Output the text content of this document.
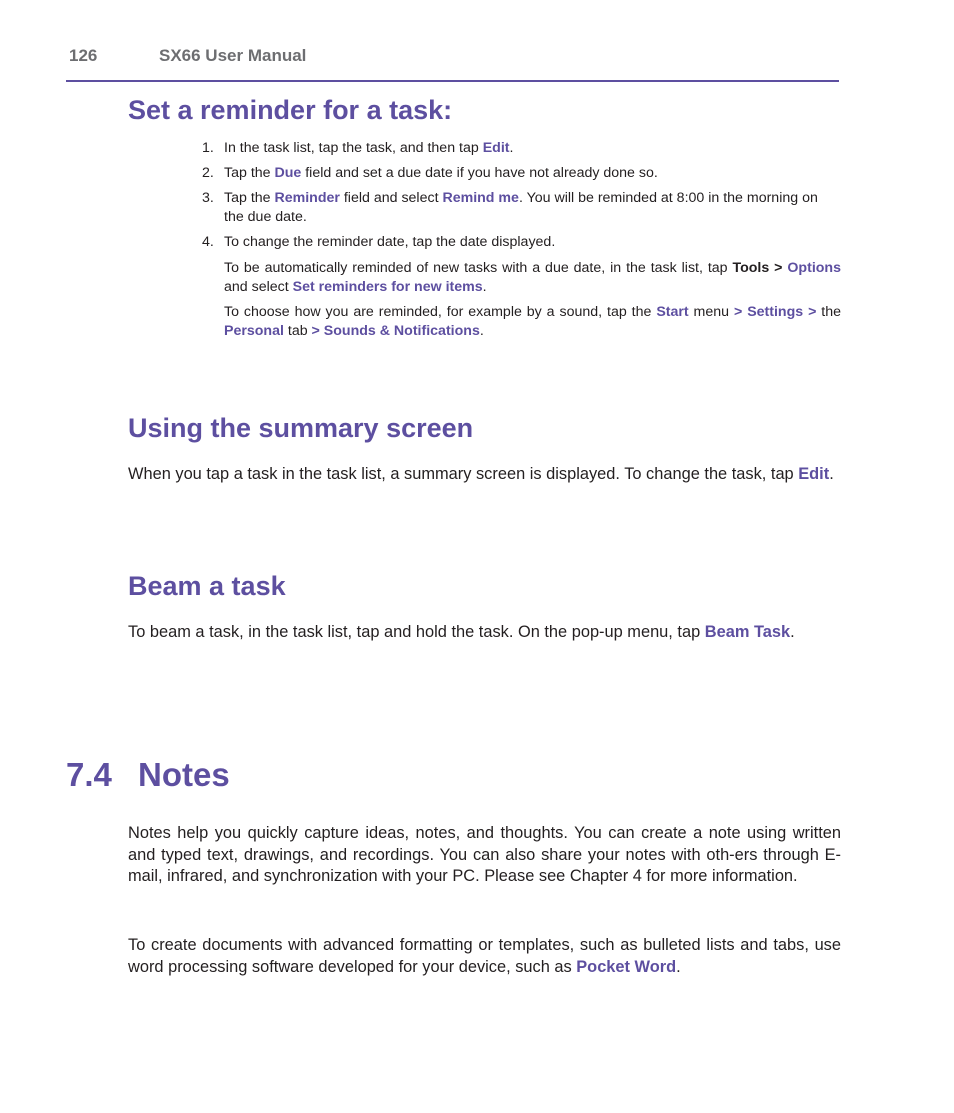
126	SX66 User Manual
Set a reminder for a task:
1. In the task list, tap the task, and then tap Edit.
2. Tap the Due field and set a due date if you have not already done so.
3. Tap the Reminder field and select Remind me. You will be reminded at 8:00 in the morning on the due date.
4. To change the reminder date, tap the date displayed.
To be automatically reminded of new tasks with a due date, in the task list, tap Tools > Options and select Set reminders for new items.
To choose how you are reminded, for example by a sound, tap the Start menu > Settings > the Personal tab > Sounds & Notifications.
Using the summary screen
When you tap a task in the task list, a summary screen is displayed. To change the task, tap Edit.
Beam a task
To beam a task, in the task list, tap and hold the task. On the pop-up menu, tap Beam Task.
7.4 Notes
Notes help you quickly capture ideas, notes, and thoughts. You can create a note using written and typed text, drawings, and recordings. You can also share your notes with oth-ers through E-mail, infrared, and synchronization with your PC. Please see Chapter 4 for more information.
To create documents with advanced formatting or templates, such as bulleted lists and tabs, use word processing software developed for your device, such as Pocket Word.
